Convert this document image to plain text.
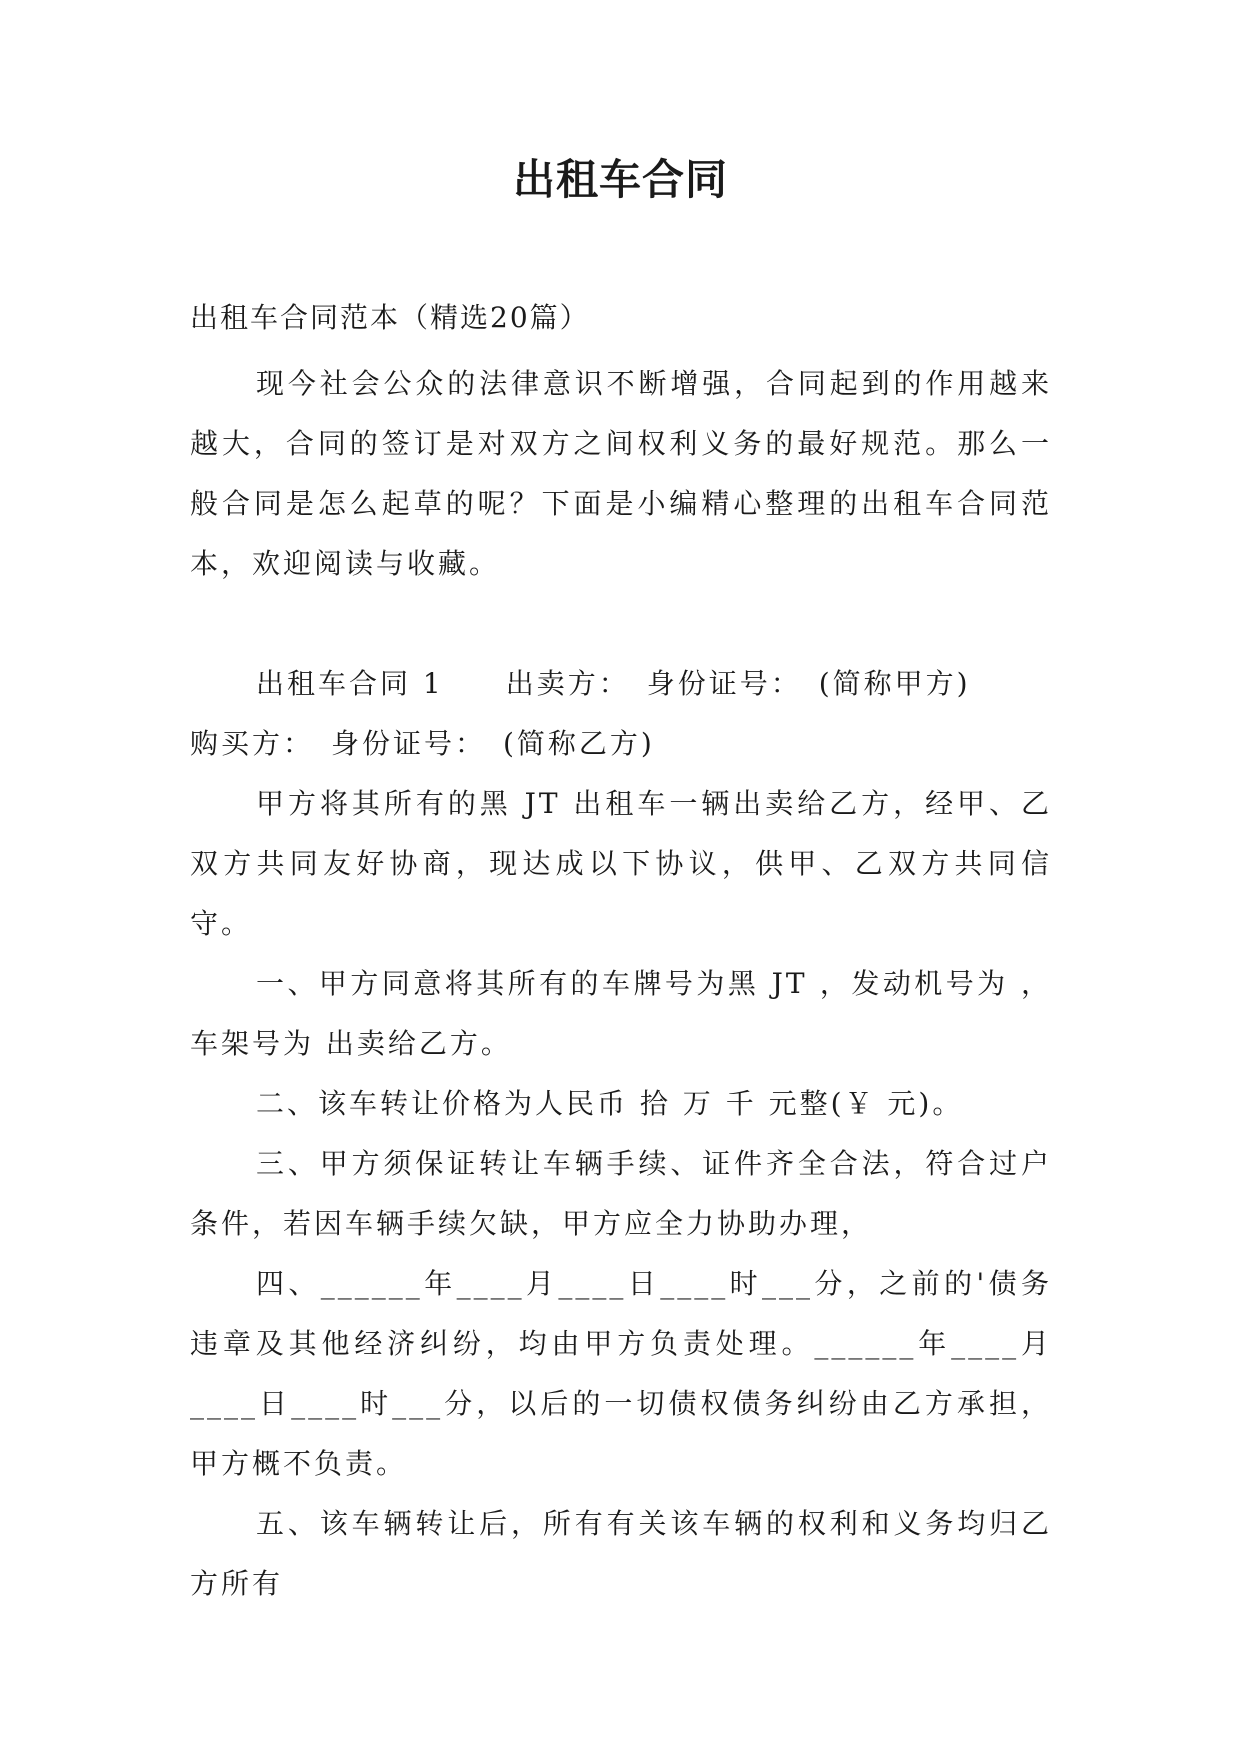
出租车合同

出租车合同范本（精选20篇）

现今社会公众的法律意识不断增强，合同起到的作用越来越大，合同的签订是对双方之间权利义务的最好规范。那么一般合同是怎么起草的呢？下面是小编精心整理的出租车合同范本，欢迎阅读与收藏。

出租车合同 1　　出卖方：　身份证号：　(简称甲方)

购买方：　身份证号：　(简称乙方)

甲方将其所有的黑 JT 出租车一辆出卖给乙方，经甲、乙双方共同友好协商，现达成以下协议，供甲、乙双方共同信守。

一、甲方同意将其所有的车牌号为黑 JT ，发动机号为 ，车架号为 出卖给乙方。

二、该车转让价格为人民币 拾 万 千 元整(￥ 元)。

三、甲方须保证转让车辆手续、证件齐全合法，符合过户条件，若因车辆手续欠缺，甲方应全力协助办理，

四、______年____月____日____时___分，之前的'债务违章及其他经济纠纷，均由甲方负责处理。______年____月____日____时___分，以后的一切债权债务纠纷由乙方承担，甲方概不负责。

五、该车辆转让后，所有有关该车辆的权利和义务均归乙方所有
